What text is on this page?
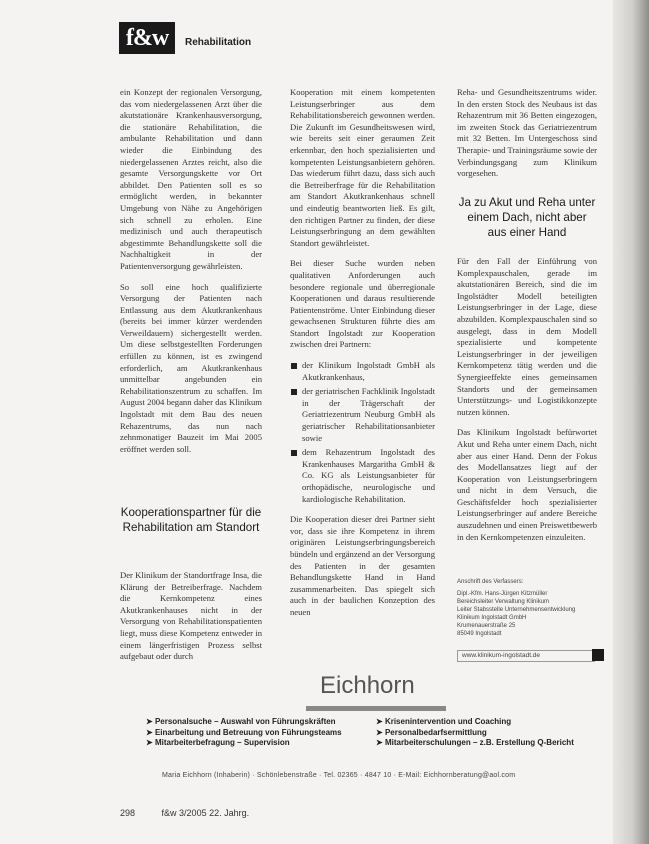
f&w	Rehabilitation

ein Konzept der regionalen Versorgung, das vom niedergelassenen Arzt über die akutstationäre Krankenhausversorgung, die stationäre Rehabilitation, die ambulante Rehabilitation und dann wieder die Einbindung des niedergelassenen Arztes reicht, also die gesamte Versorgungskette vor Ort abbildet. Den Patienten soll es so ermöglicht werden, in bekannter Umgebung von Nähe zu Angehörigen sich schnell zu erholen. Eine medizinisch und auch therapeutisch abgestimmte Behandlungskette soll die Nachhaltigkeit in der Patientenversorgung gewährleisten.

So soll eine hoch qualifizierte Versorgung der Patienten nach Entlassung aus dem Akutkrankenhaus (bereits bei immer kürzer werdenden Verweildauern) sichergestellt werden. Um diese selbstgestellten Forderungen erfüllen zu können, ist es zwingend erforderlich, am Akutkrankenhaus unmittelbar angebunden ein Rehabilitationszentrum zu schaffen. Im August 2004 begann daher das Klinikum Ingolstadt mit dem Bau des neuen Rehazentrums, das nun nach zehnmonatiger Bauzeit im Mai 2005 eröffnet werden soll.

Kooperationspartner für die Rehabilitation am Standort

Der Klinikum der Standortfrage Insa, die Klärung der Betreiberfrage. Nachdem die Kernkompetenz eines Akutkrankenhauses nicht in der Versorgung von Rehabilitationspatienten liegt, muss diese Kompetenz entweder in einem längerfristigen Prozess selbst aufgebaut oder durch

Kooperation mit einem kompetenten Leistungserbringer aus dem Rehabilitationsbereich gewonnen werden. Die Zukunft im Gesundheitswesen wird, wie bereits seit einer geraumen Zeit erkennbar, den hoch spezialisierten und kompetenten Leistungsanbietern gehören. Das wiederum führt dazu, dass sich auch die Betreiberfrage für die Rehabilitation am Standort Akutkrankenhaus schnell und eindeutig beantworten ließ. Es gilt, den richtigen Partner zu finden, der diese Leistungserbringung an dem gewählten Standort gewährleistet.

Bei dieser Suche wurden neben qualitativen Anforderungen auch besondere regionale und überregionale Kooperationen und daraus resultierende Patientenströme. Unter Einbindung dieser gewachsenen Strukturen führte dies am Standort Ingolstadt zur Kooperation zwischen drei Partnern:

der Klinikum Ingolstadt GmbH als Akutkrankenhaus,
der geriatrischen Fachklinik Ingolstadt in der Trägerschaft der Geriatriezentrum Neuburg GmbH als geriatrischer Rehabilitationsanbieter sowie
dem Rehazentrum Ingolstadt des Krankenhauses Margaritha GmbH & Co. KG als Leistungsanbieter für orthopädische, neurologische und kardiologische Rehabilitation.

Die Kooperation dieser drei Partner sieht vor, dass sie ihre Kompetenz in ihrem originären Leistungserbringungsbereich bündeln und ergänzend an der Versorgung des Patienten in der gesamten Behandlungskette Hand in Hand zusammenarbeiten. Das spiegelt sich auch in der baulichen Konzeption des neuen

Reha- und Gesundheitszentrums wider. In den ersten Stock des Neubaus ist das Rehazentrum mit 36 Betten eingezogen, im zweiten Stock das Geriatriezentrum mit 32 Betten. Im Untergeschoss sind Therapie- und Trainingsräume sowie der Verbindungsgang zum Klinikum vorgesehen.

Ja zu Akut und Reha unter einem Dach, nicht aber aus einer Hand

Für den Fall der Einführung von Komplexpauschalen, gerade im akutstationären Bereich, sind die im Ingolstädter Modell beteiligten Leistungserbringer in der Lage, diese abzubilden. Komplexpauschalen sind so ausgelegt, dass in dem Modell spezialisierte und kompetente Leistungserbringer in der jeweiligen Kernkompetenz tätig werden und die Synergieeffekte eines gemeinsamen Standorts und der gemeinsamen Unterstützungs- und Logistikkonzepte nutzen können.

Das Klinikum Ingolstadt befürwortet Akut und Reha unter einem Dach, nicht aber aus einer Hand. Denn der Fokus des Modellansatzes liegt auf der Kooperation von Leistungserbringern und nicht in dem Versuch, die Geschäftsfelder hoch spezialisierter Leistungserbringer auf andere Bereiche auszudehnen und einen Preiswettbewerb in den Kernkompetenzen einzuleiten.

Anschrift des Verfassers:
Dipl.-Kfm. Hans-Jürgen Kitzmüller
Bereichsleiter Verwaltung Klinikum
Leiter Stabsstelle Unternehmensentwicklung
Klinikum Ingolstadt GmbH
Krumenauerstraße 25
85049 Ingolstadt
www.klinikum-ingolstadt.de
Eichhorn
➤ Personalsuche – Auswahl von Führungskräften	➤ Krisenintervention und Coaching
➤ Einarbeitung und Betreuung von Führungsteams	➤ Personalbedarfsermittlung
➤ Mitarbeiterbefragung – Supervision	➤ Mitarbeiterschulungen – z.B. Erstellung Q-Bericht
Maria Eichhorn (Inhaberin) · Schönlebenstraße · Tel. 02365 · 4847 10 · E-Mail: Eichhornberatung@aol.com
298	f&w 3/2005 22. Jahrg.
